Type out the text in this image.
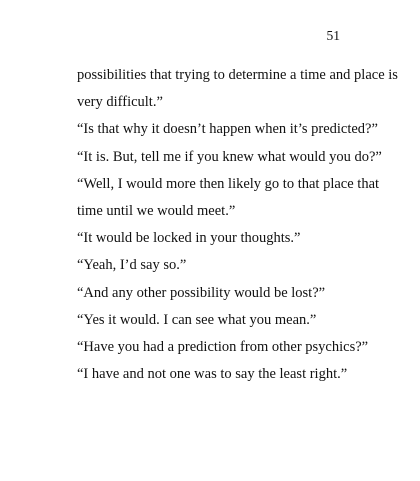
51

possibilities that trying to determine a time and place is

very difficult.”

“Is that why it doesn’t happen when it’s predicted?”

“It is. But, tell me if you knew what would you do?”

“Well, I would more then likely go to that place that

time until we would meet.”

“It would be locked in your thoughts.”

“Yeah, I’d say so.”

“And any other possibility would be lost?”

“Yes it would. I can see what you mean.”

“Have you had a prediction from other psychics?”

“I have and not one was to say the least right.”
